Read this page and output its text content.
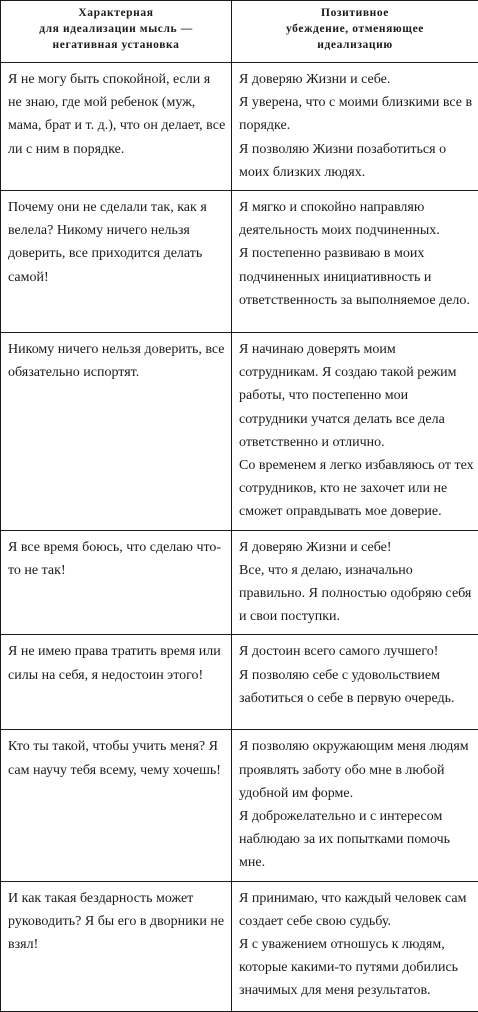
Характерная
для идеализации мысль —
негативная установка	Позитивное
убеждение, отменяющее
идеализацию

Я не могу быть спокойной, если я не знаю, где мой ребенок (муж, мама, брат и т. д.), что он делает, все ли с ним в порядке.	Я доверяю Жизни и себе.
Я уверена, что с моими близкими все в порядке.
Я позволяю Жизни позаботиться о моих близких людях.

Почему они не сделали так, как я велела? Никому ничего нельзя доверить, все приходится делать самой!	Я мягко и спокойно направляю деятельность моих подчиненных.
Я постепенно развиваю в моих подчиненных инициативность и ответственность за выполняемое дело.

Никому ничего нельзя доверить, все обязательно испортят.	Я начинаю доверять моим сотрудникам. Я создаю такой режим работы, что постепенно мои сотрудники учатся делать все дела ответственно и отлично.
Со временем я легко избавляюсь от тех сотрудников, кто не захочет или не сможет оправдывать мое доверие.

Я все время боюсь, что сделаю что-то не так!	Я доверяю Жизни и себе!
Все, что я делаю, изначально правильно. Я полностью одобряю себя и свои поступки.

Я не имею права тратить время или силы на себя, я недостоин этого!	Я достоин всего самого лучшего!
Я позволяю себе с удовольствием заботиться о себе в первую очередь.

Кто ты такой, чтобы учить меня? Я сам научу тебя всему, чему хочешь!	Я позволяю окружающим меня людям проявлять заботу обо мне в любой удобной им форме.
Я доброжелательно и с интересом наблюдаю за их попытками помочь мне.

И как такая бездарность может руководить? Я бы его в дворники не взял!	Я принимаю, что каждый человек сам создает себе свою судьбу.
Я с уважением отношусь к людям, которые какими-то путями добились значимых для меня результатов.
